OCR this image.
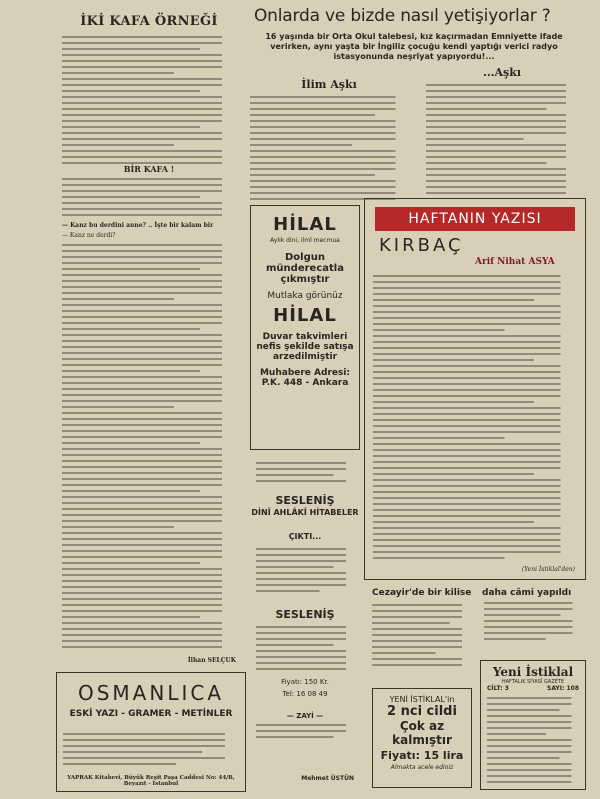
İKİ KAFA ÖRNEĞİ
BİR KAFA !
— Kanz bu derdini anne? .. İşte bir kalam bir
— Kanz ne derdi?
İlhan SELÇUK
Onlarda ve bizde nasıl yetişiyorlar ?
16 yaşında bir Orta Okul talebesi, kız kaçırmadan Emniyette ifade verirken, aynı yaşta bir İngiliz çocuğu kendi yaptığı verici radyo istasyonunda neşriyat yapıyordu!...
İlim Aşkı
...Aşkı
HİLAL
Aylık dini, ilmî mecmua
Dolgun
münderecatla
çıkmıştır
Mutlaka görünüz
HİLAL
Duvar takvimleri
nefis şekilde satışa
arzedilmiştir
Muhabere Adresi:
P.K. 448 - Ankara
SESLENİŞ
DİNÎ AHLÂKÎ HİTABELER
ÇIKTI...
SESLENİŞ
Fiyatı: 150 Kr.
Tel: 16 08 49
— ZAYİ —
Mehmet ÜSTÜN
HAFTANIN YAZISI
KIRBAÇ
Arif Nihat ASYA
(Yeni İstiklal'den)
Cezayir'de bir kilise daha câmi yapıldı
YENİ İSTİKLAL'in
2 nci cildi
Çok az kalmıştır
Fiyatı: 15 lira
Almakta acele ediniz
Yeni İstiklal
HAFTALIK SİYASÎ GAZETE
CİLT: 3	SAYI: 108
OSMANLICA
ESKİ YAZI - GRAMER - METİNLER
YAPRAK Kitabevi, Büyük Reşit Paşa Caddesi No: 44/B, Beyazıt - İstanbul
